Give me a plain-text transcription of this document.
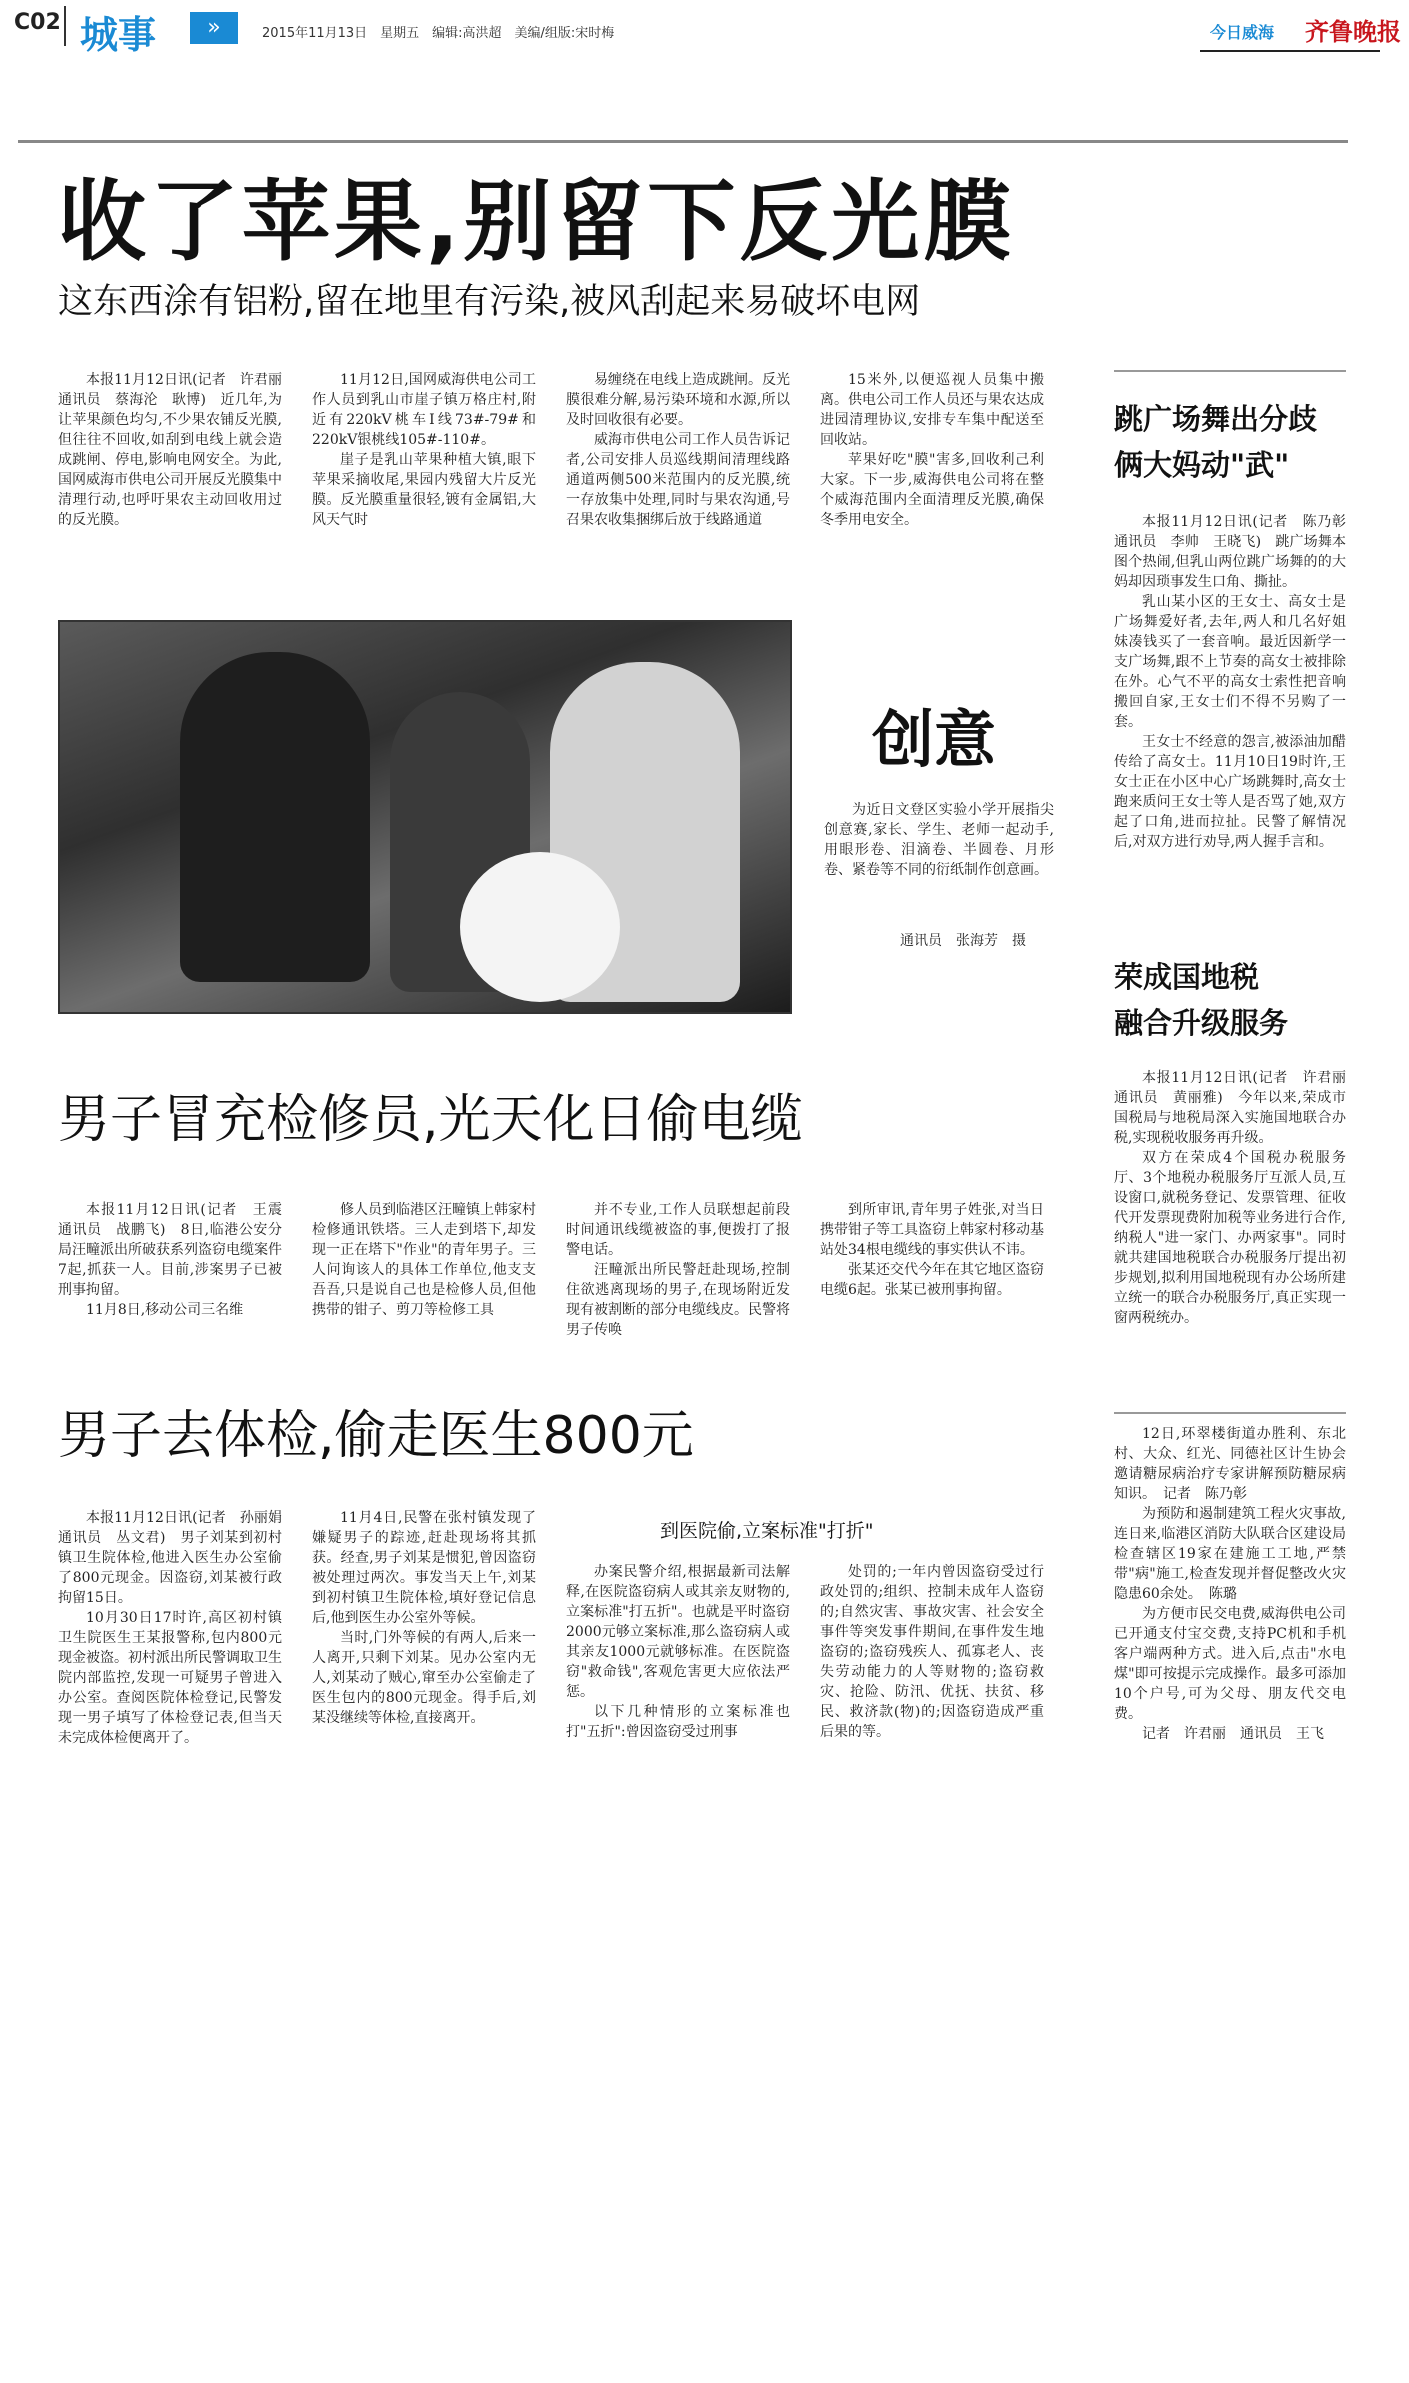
C02 城事	»	2015年11月13日　星期五　编辑:高洪超　美编/组版:宋时梅	今日威海 齐鲁晚报
收了苹果,别留下反光膜
这东西涂有铝粉,留在地里有污染,被风刮起来易破坏电网

本报11月12日讯(记者　许君丽　通讯员　蔡海沦　耿博)　近几年,为让苹果颜色均匀,不少果农铺反光膜,但往往不回收,如刮到电线上就会造成跳闸、停电,影响电网安全。为此,国网威海市供电公司开展反光膜集中清理行动,也呼吁果农主动回收用过的反光膜。

11月12日,国网威海供电公司工作人员到乳山市崖子镇万格庄村,附近有220kV桃车Ⅰ线73#-79#和220kV银桃线105#-110#。

崖子是乳山苹果种植大镇,眼下苹果采摘收尾,果园内残留大片反光膜。反光膜重量很轻,镀有金属铝,大风天气时

易缠绕在电线上造成跳闸。反光膜很难分解,易污染环境和水源,所以及时回收很有必要。

威海市供电公司工作人员告诉记者,公司安排人员巡线期间清理线路通道两侧500米范围内的反光膜,统一存放集中处理,同时与果农沟通,号召果农收集捆绑后放于线路通道

15米外,以便巡视人员集中搬离。供电公司工作人员还与果农达成进园清理协议,安排专车集中配送至回收站。

苹果好吃"膜"害多,回收利己利大家。下一步,威海供电公司将在整个威海范围内全面清理反光膜,确保冬季用电安全。

创意

为近日文登区实验小学开展指尖创意赛,家长、学生、老师一起动手,用眼形卷、泪滴卷、半圆卷、月形卷、紧卷等不同的衍纸制作创意画。

通讯员　张海芳　摄
男子冒充检修员,光天化日偷电缆

本报11月12日讯(记者　王震　通讯员　战鹏飞)　8日,临港公安分局汪疃派出所破获系列盗窃电缆案件7起,抓获一人。目前,涉案男子已被刑事拘留。

11月8日,移动公司三名维

修人员到临港区汪疃镇上韩家村检修通讯铁塔。三人走到塔下,却发现一正在塔下"作业"的青年男子。三人问询该人的具体工作单位,他支支吾吾,只是说自己也是检修人员,但他携带的钳子、剪刀等检修工具

并不专业,工作人员联想起前段时间通讯线缆被盗的事,便拨打了报警电话。

汪疃派出所民警赶赴现场,控制住欲逃离现场的男子,在现场附近发现有被割断的部分电缆线皮。民警将男子传唤

到所审讯,青年男子姓张,对当日携带钳子等工具盗窃上韩家村移动基站处34根电缆线的事实供认不讳。

张某还交代今年在其它地区盗窃电缆6起。张某已被刑事拘留。

男子去体检,偷走医生800元

本报11月12日讯(记者　孙丽娟　通讯员　丛文君)　男子刘某到初村镇卫生院体检,他进入医生办公室偷了800元现金。因盗窃,刘某被行政拘留15日。

10月30日17时许,高区初村镇卫生院医生王某报警称,包内800元现金被盗。初村派出所民警调取卫生院内部监控,发现一可疑男子曾进入办公室。查阅医院体检登记,民警发现一男子填写了体检登记表,但当天未完成体检便离开了。

11月4日,民警在张村镇发现了嫌疑男子的踪迹,赶赴现场将其抓获。经查,男子刘某是惯犯,曾因盗窃被处理过两次。事发当天上午,刘某到初村镇卫生院体检,填好登记信息后,他到医生办公室外等候。

当时,门外等候的有两人,后来一人离开,只剩下刘某。见办公室内无人,刘某动了贼心,窜至办公室偷走了医生包内的800元现金。得手后,刘某没继续等体检,直接离开。

到医院偷,立案标准"打折"

办案民警介绍,根据最新司法解释,在医院盗窃病人或其亲友财物的,立案标准"打五折"。也就是平时盗窃2000元够立案标准,那么盗窃病人或其亲友1000元就够标准。在医院盗窃"救命钱",客观危害更大应依法严惩。

以下几种情形的立案标准也打"五折":曾因盗窃受过刑事

处罚的;一年内曾因盗窃受过行政处罚的;组织、控制未成年人盗窃的;自然灾害、事故灾害、社会安全事件等突发事件期间,在事件发生地盗窃的;盗窃残疾人、孤寡老人、丧失劳动能力的人等财物的;盗窃救灾、抢险、防汛、优抚、扶贫、移民、救济款(物)的;因盗窃造成严重后果的等。

跳广场舞出分歧
俩大妈动"武"

本报11月12日讯(记者　陈乃彰　通讯员　李帅　王晓飞)　跳广场舞本图个热闹,但乳山两位跳广场舞的的大妈却因琐事发生口角、撕扯。

乳山某小区的王女士、高女士是广场舞爱好者,去年,两人和几名好姐妹凑钱买了一套音响。最近因新学一支广场舞,跟不上节奏的高女士被排除在外。心气不平的高女士索性把音响搬回自家,王女士们不得不另购了一套。

王女士不经意的怨言,被添油加醋传给了高女士。11月10日19时许,王女士正在小区中心广场跳舞时,高女士跑来质问王女士等人是否骂了她,双方起了口角,进而拉扯。民警了解情况后,对双方进行劝导,两人握手言和。

荣成国地税
融合升级服务

本报11月12日讯(记者　许君丽　通讯员　黄丽雅)　今年以来,荣成市国税局与地税局深入实施国地联合办税,实现税收服务再升级。

双方在荣成4个国税办税服务厅、3个地税办税服务厅互派人员,互设窗口,就税务登记、发票管理、征收代开发票现费附加税等业务进行合作,纳税人"进一家门、办两家事"。同时就共建国地税联合办税服务厅提出初步规划,拟利用国地税现有办公场所建立统一的联合办税服务厅,真正实现一窗两税统办。

12日,环翠楼街道办胜利、东北村、大众、红光、同德社区计生协会邀请糖尿病治疗专家讲解预防糖尿病知识。　记者　陈乃彰

为预防和遏制建筑工程火灾事故,连日来,临港区消防大队联合区建设局检查辖区19家在建施工工地,严禁带"病"施工,检查发现并督促整改火灾隐患60余处。　陈璐

为方便市民交电费,威海供电公司已开通支付宝交费,支持PC机和手机客户端两种方式。进入后,点击"水电煤"即可按提示完成操作。最多可添加10个户号,可为父母、朋友代交电费。

记者　许君丽　通讯员　王飞
